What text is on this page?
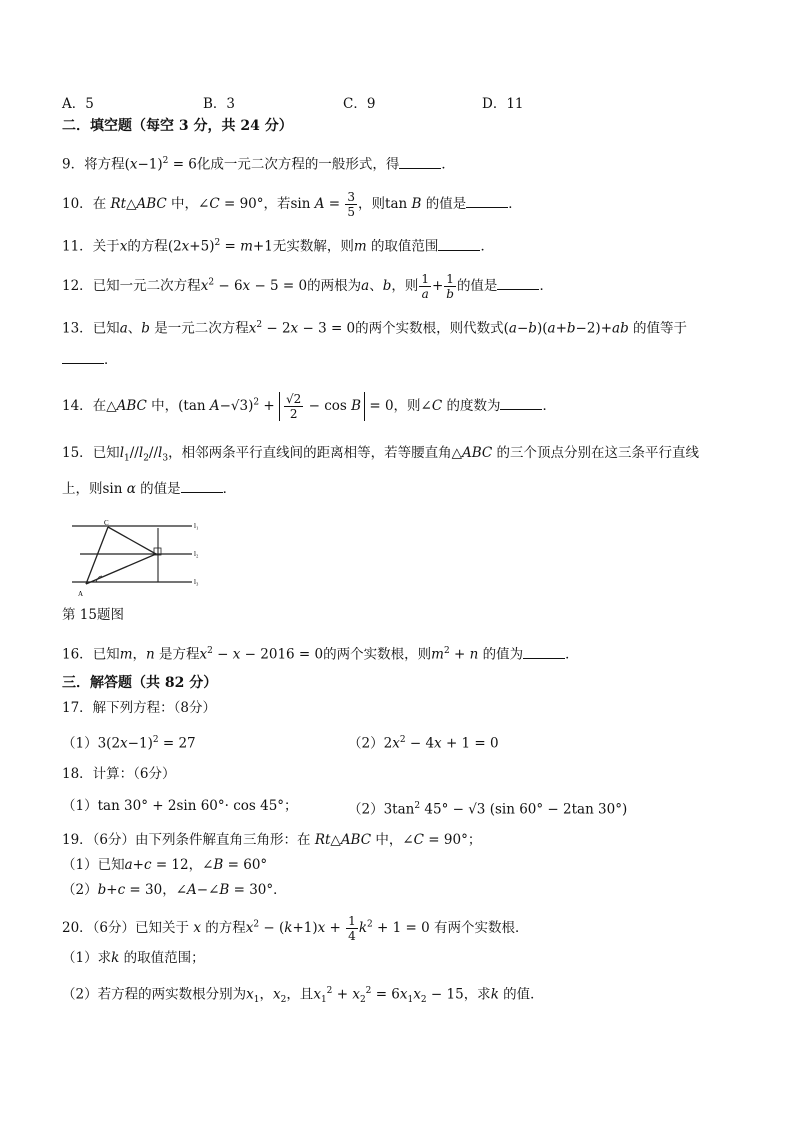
A．5	B．3	C．9	D．11
二．填空题（每空 3 分，共 24 分）
9．将方程$(x-1)^2 = 6$化成一元二次方程的一般形式，得	．
10．在 Rt△ABC 中，∠C = 90°，若$\sin A = \frac{3}{5}$ ，则tan B 的值是	．
11．关于x的方程$(2x+5)^2 = m+1$无实数解，则m 的取值范围	．
12．已知一元二次方程$x^2 - 6x - 5 = 0$的两根为a、b，则 $\frac{1}{a} + \frac{1}{b}$ 的值是	．
13．已知a、b 是一元二次方程$x^2 - 2x - 3 = 0$的两个实数根，则代数式(a−b)(a+b−2)+ab 的值等于
．
14．在△ABC 中，(tan $A-√3)^2 + \frac{√2}{2} - \cos B = 0$，则∠C 的度数为	．
15．已知$l_1//l_2//l_3$，相邻两条平行直线间的距离相等，若等腰直角△ABC 的三个顶点分别在这三条平行直线
上，则sin α 的值是	．
C
A
l₁
l₂
l₃
第 15题图
16．已知m，n 是方程$x^2 - x - 2016 = 0$的两个实数根，则$m^2 + n$ 的值为	．
三．解答题（共 82 分）
17．解下列方程：（8分）
$(1)3(2x-1)^2 = 27$	$(2)2x^2 - 4x + 1 = 0$
18．计算：（6分）
（1）tan 30° + 2sin 60°· cos 45°；	$(2)3\tan^2$ 45° − √3 (sin 60° − 2tan 30°)
19．（6分）由下列条件解直角三角形：在 Rt△ABC 中，∠C = 90°；
（1）已知a+c = 12，∠B = 60°
（2）b+c = 30，∠A−∠B = 30°．
20．（6分）已知关于 x 的方程$x^2 - (k+1)x + \frac{1}{4} k^2 + 1 = 0$ 有两个实数根．
（1）求k 的取值范围；
（2）若方程的两实数根分别为$x_1$，$x_2$，且$x_1^2 + x_2^2 = 6x_1x_2 - 15$，求k 的值．
